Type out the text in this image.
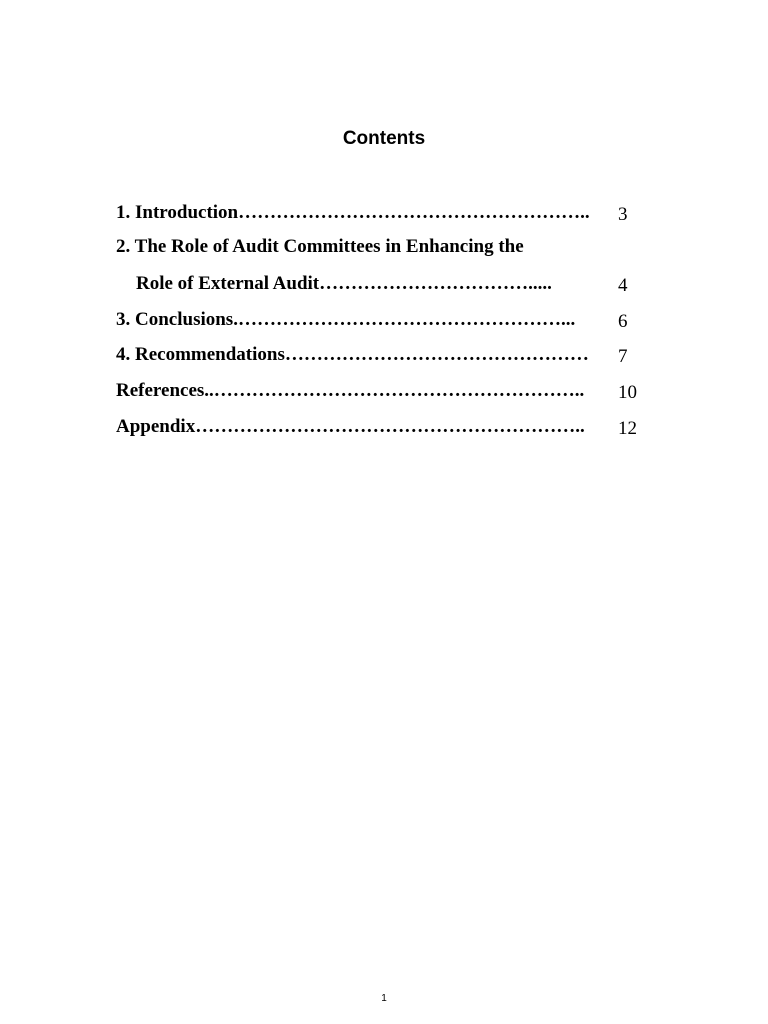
Contents
1. Introduction………………………………………………..	3
2. The Role of Audit Committees in Enhancing the
Role of External Audit…………………………….....	4
3. Conclusions.……………………………………………...	6
4. Recommendations…………………………………………	7
References..…………………………………………………..	10
Appendix……………………………………………………..	12
1
